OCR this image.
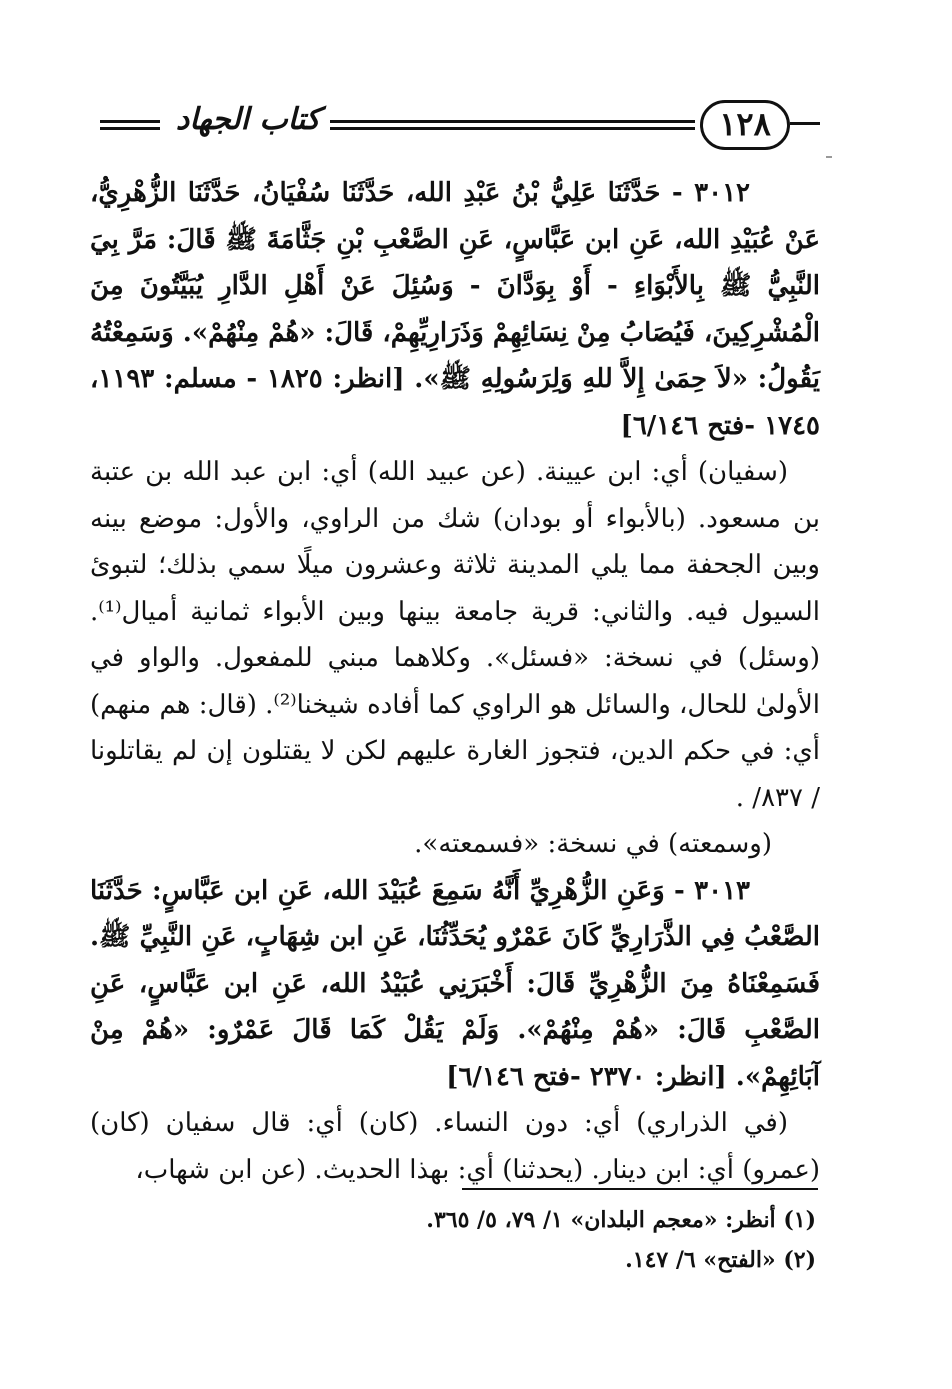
كتاب الجهاد	١٢٨

٣٠١٢ - حَدَّثَنَا عَلِيُّ بْنُ عَبْدِ الله، حَدَّثَنَا سُفْيَانُ، حَدَّثَنَا الزُّهْرِيُّ، عَنْ عُبَيْدِ الله، عَنِ ابن عَبَّاسٍ، عَنِ الصَّعْبِ بْنِ جَثَّامَةَ ﷺ قَالَ: مَرَّ بِيَ النَّبِيُّ ﷺ بِالأَبْوَاءِ - أَوْ بِوَدَّانَ - وَسُئِلَ عَنْ أَهْلِ الدَّارِ يُبَيَّتُونَ مِنَ الْمُشْرِكِينَ، فَيُصَابُ مِنْ نِسَائِهِمْ وَذَرَارِيِّهِمْ، قَالَ: «هُمْ مِنْهُمْ». وَسَمِعْتُهُ يَقُولُ: «لاَ حِمَىٰ إِلاَّ للهِ وَلِرَسُولِهِ ﷺ». [انظر: ١٨٢٥ - مسلم: ١١٩٣، ١٧٤٥ -فتح ٦/١٤٦]

(سفيان) أي: ابن عيينة. (عن عبيد الله) أي: ابن عبد الله بن عتبة بن مسعود. (بالأبواء أو بودان) شك من الراوي، والأول: موضع بينه وبين الجحفة مما يلي المدينة ثلاثة وعشرون ميلًا سمي بذلك؛ لتبوئ السيول فيه. والثاني: قرية جامعة بينها وبين الأبواء ثمانية أميال⁽¹⁾. (وسئل) في نسخة: «فسئل». وكلاهما مبني للمفعول. والواو في الأولىٰ للحال، والسائل هو الراوي كما أفاده شيخنا⁽²⁾. (قال: هم منهم) أي: في حكم الدين، فتجوز الغارة عليهم لكن لا يقتلون إن لم يقاتلونا / ٨٣٧/ .

(وسمعته) في نسخة: «فسمعته».

٣٠١٣ - وَعَنِ الزُّهْرِيِّ أَنَّهُ سَمِعَ عُبَيْدَ الله، عَنِ ابن عَبَّاسٍ: حَدَّثَنَا الصَّعْبُ فِي الذَّرَارِيِّ كَانَ عَمْرٌو يُحَدِّثُنَا، عَنِ ابن شِهَابٍ، عَنِ النَّبِيِّ ﷺ. فَسَمِعْنَاهُ مِنَ الزُّهْرِيِّ قَالَ: أَخْبَرَنِي عُبَيْدُ الله، عَنِ ابن عَبَّاسٍ، عَنِ الصَّعْبِ قَالَ: «هُمْ مِنْهُمْ». وَلَمْ يَقُلْ كَمَا قَالَ عَمْرٌو: «هُمْ مِنْ آبَائِهِمْ». [انظر: ٢٣٧٠ -فتح ٦/١٤٦]

(في الذراري) أي: دون النساء. (كان) أي: قال سفيان (كان) (عمرو) أي: ابن دينار. (يحدثنا) أي: بهذا الحديث. (عن ابن شهاب،

(١) أنظر: «معجم البلدان» ١/ ٧٩، ٥/ ٣٦٥.

(٢) «الفتح» ٦/ ١٤٧.
